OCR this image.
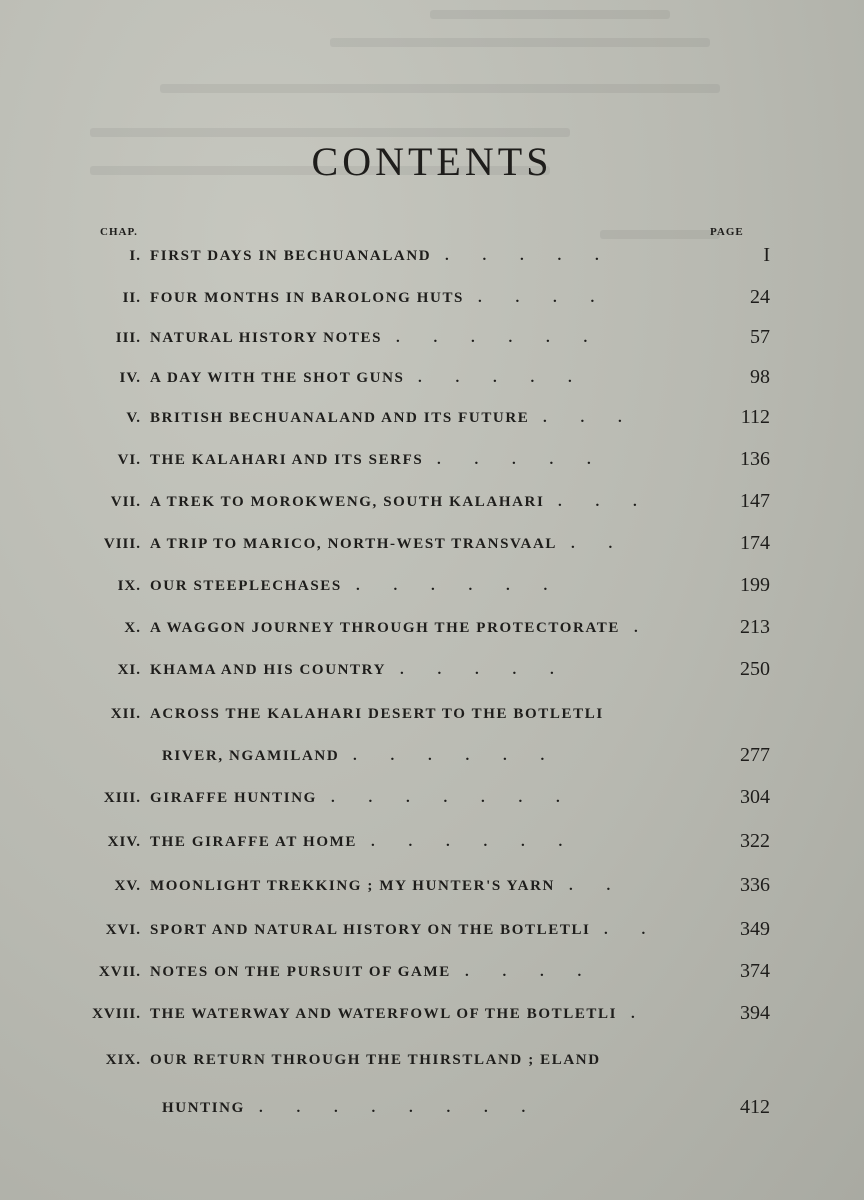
CONTENTS
CHAP.	PAGE
I. FIRST DAYS IN BECHUANALAND	I
.         .         .         .         .
II. FOUR MONTHS IN BAROLONG HUTS	24
.         .         .         .
III. NATURAL HISTORY NOTES	57
.         .         .         .         .         .
IV. A DAY WITH THE SHOT GUNS	98
.         .         .         .         .
V. BRITISH BECHUANALAND AND ITS FUTURE	112
.         .         .
VI. THE KALAHARI AND ITS SERFS	136
.         .         .         .         .
VII. A TREK TO MOROKWENG, SOUTH KALAHARI	147
.         .         .
VIII. A TRIP TO MARICO, NORTH-WEST TRANSVAAL	174
.         .
IX. OUR STEEPLECHASES	199
.         .         .         .         .         .
X. A WAGGON JOURNEY THROUGH THE PROTECTORATE	213
.
XI. KHAMA AND HIS COUNTRY	250
.         .         .         .         .
XII. ACROSS THE KALAHARI DESERT TO THE BOTLETLI
RIVER, NGAMILAND	277
.         .         .         .         .         .
XIII. GIRAFFE HUNTING	304
.         .         .         .         .         .         .
XIV. THE GIRAFFE AT HOME	322
.         .         .         .         .         .
XV. MOONLIGHT TREKKING ; MY HUNTER'S YARN	336
.         .
XVI. SPORT AND NATURAL HISTORY ON THE BOTLETLI	349
.         .
XVII. NOTES ON THE PURSUIT OF GAME	374
.         .         .         .
XVIII. THE WATERWAY AND WATERFOWL OF THE BOTLETLI	394
.
XIX. OUR RETURN THROUGH THE THIRSTLAND ; ELAND
HUNTING	412
.         .         .         .         .         .         .         .
